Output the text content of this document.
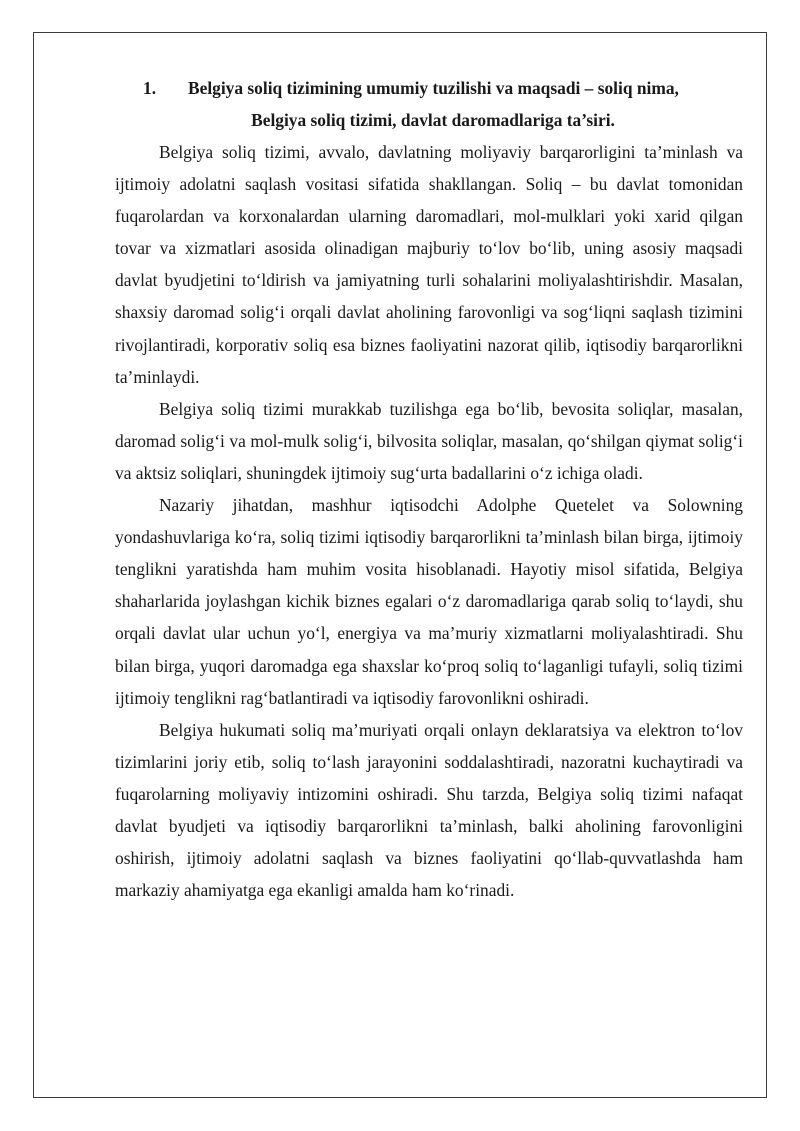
1.	Belgiya soliq tizimining umumiy tuzilishi va maqsadi – soliq nima,
Belgiya soliq tizimi, davlat daromadlariga ta’siri.

Belgiya soliq tizimi, avvalo, davlatning moliyaviy barqarorligini ta’minlash va ijtimoiy adolatni saqlash vositasi sifatida shakllangan. Soliq – bu davlat tomonidan fuqarolardan va korxonalardan ularning daromadlari, mol-mulklari yoki xarid qilgan tovar va xizmatlari asosida olinadigan majburiy to‘lov bo‘lib, uning asosiy maqsadi davlat byudjetini to‘ldirish va jamiyatning turli sohalarini moliyalashtirishdir. Masalan, shaxsiy daromad solig‘i orqali davlat aholining farovonligi va sog‘liqni saqlash tizimini rivojlantiradi, korporativ soliq esa biznes faoliyatini nazorat qilib, iqtisodiy barqarorlikni ta’minlaydi.

Belgiya soliq tizimi murakkab tuzilishga ega bo‘lib, bevosita soliqlar, masalan, daromad solig‘i va mol-mulk solig‘i, bilvosita soliqlar, masalan, qo‘shilgan qiymat solig‘i va aktsiz soliqlari, shuningdek ijtimoiy sug‘urta badallarini o‘z ichiga oladi.

Nazariy jihatdan, mashhur iqtisodchi Adolphe Quetelet va Solowning yondashuvlariga ko‘ra, soliq tizimi iqtisodiy barqarorlikni ta’minlash bilan birga, ijtimoiy tenglikni yaratishda ham muhim vosita hisoblanadi. Hayotiy misol sifatida, Belgiya shaharlarida joylashgan kichik biznes egalari o‘z daromadlariga qarab soliq to‘laydi, shu orqali davlat ular uchun yo‘l, energiya va ma’muriy xizmatlarni moliyalashtiradi. Shu bilan birga, yuqori daromadga ega shaxslar ko‘proq soliq to‘laganligi tufayli, soliq tizimi ijtimoiy tenglikni rag‘batlantiradi va iqtisodiy farovonlikni oshiradi.

Belgiya hukumati soliq ma’muriyati orqali onlayn deklaratsiya va elektron to‘lov tizimlarini joriy etib, soliq to‘lash jarayonini soddalashtiradi, nazoratni kuchaytiradi va fuqarolarning moliyaviy intizomini oshiradi. Shu tarzda, Belgiya soliq tizimi nafaqat davlat byudjeti va iqtisodiy barqarorlikni ta’minlash, balki aholining farovonligini oshirish, ijtimoiy adolatni saqlash va biznes faoliyatini qo‘llab-quvvatlashda ham markaziy ahamiyatga ega ekanligi amalda ham ko‘rinadi.
